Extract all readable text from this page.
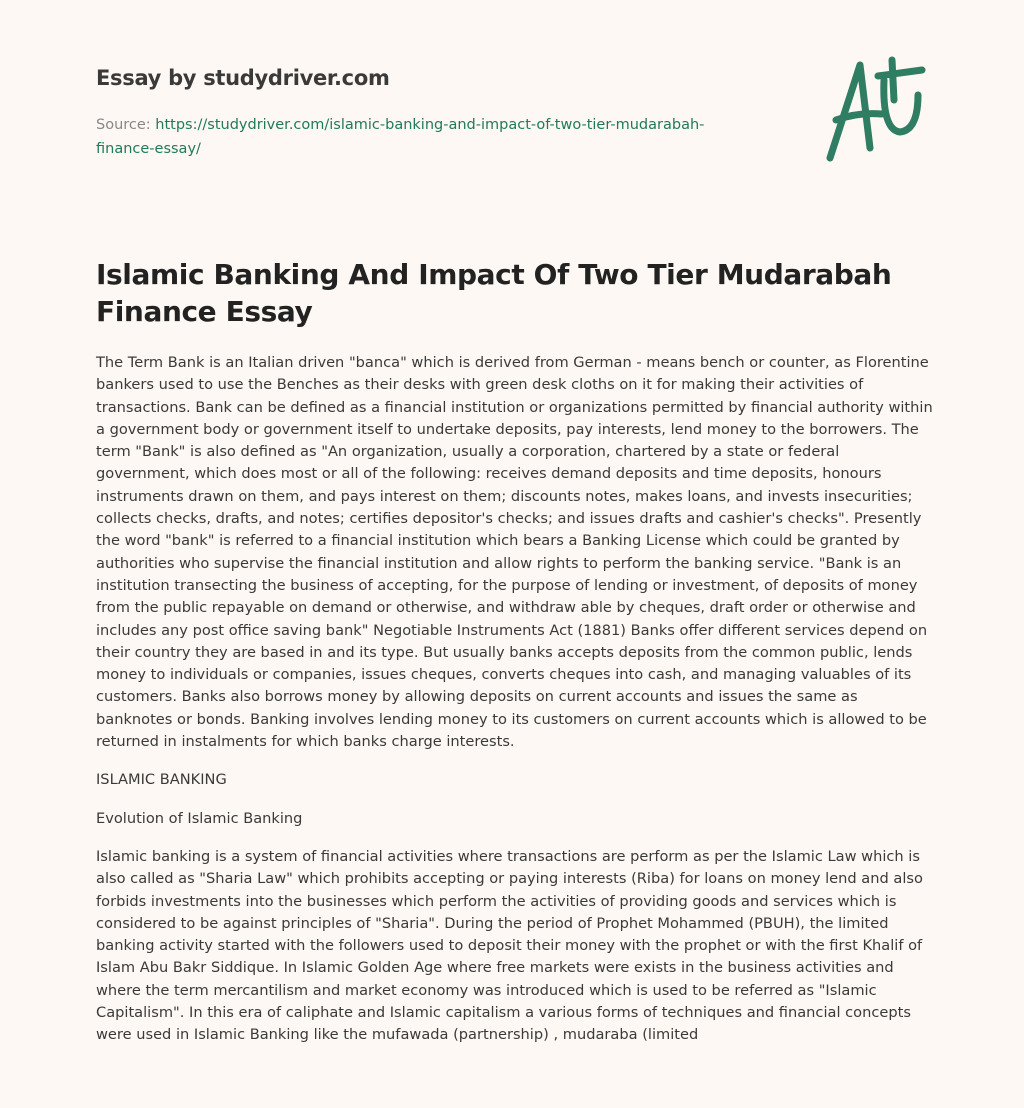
Essay by studydriver.com
Source: https://studydriver.com/islamic-banking-and-impact-of-two-tier-mudarabah-finance-essay/
Islamic Banking And Impact Of Two Tier Mudarabah Finance Essay

The Term Bank is an Italian driven "banca" which is derived from German - means bench or counter, as Florentine bankers used to use the Benches as their desks with green desk cloths on it for making their activities of transactions. Bank can be defined as a financial institution or organizations permitted by financial authority within a government body or government itself to undertake deposits, pay interests, lend money to the borrowers. The term "Bank" is also defined as "An organization, usually a corporation, chartered by a state or federal government, which does most or all of the following: receives demand deposits and time deposits, honours instruments drawn on them, and pays interest on them; discounts notes, makes loans, and invests insecurities; collects checks, drafts, and notes; certifies depositor's checks; and issues drafts and cashier's checks". Presently the word "bank" is referred to a financial institution which bears a Banking License which could be granted by authorities who supervise the financial institution and allow rights to perform the banking service. "Bank is an institution transecting the business of accepting, for the purpose of lending or investment, of deposits of money from the public repayable on demand or otherwise, and withdraw able by cheques, draft order or otherwise and includes any post office saving bank" Negotiable Instruments Act (1881) Banks offer different services depend on their country they are based in and its type. But usually banks accepts deposits from the common public, lends money to individuals or companies, issues cheques, converts cheques into cash, and managing valuables of its customers. Banks also borrows money by allowing deposits on current accounts and issues the same as banknotes or bonds. Banking involves lending money to its customers on current accounts which is allowed to be returned in instalments for which banks charge interests.

ISLAMIC BANKING

Evolution of Islamic Banking

Islamic banking is a system of financial activities where transactions are perform as per the Islamic Law which is also called as "Sharia Law" which prohibits accepting or paying interests (Riba) for loans on money lend and also forbids investments into the businesses which perform the activities of providing goods and services which is considered to be against principles of "Sharia". During the period of Prophet Mohammed (PBUH), the limited banking activity started with the followers used to deposit their money with the prophet or with the first Khalif of Islam Abu Bakr Siddique. In Islamic Golden Age where free markets were exists in the business activities and where the term mercantilism and market economy was introduced which is used to be referred as "Islamic Capitalism". In this era of caliphate and Islamic capitalism a various forms of techniques and financial concepts were used in Islamic Banking like the mufawada (partnership) , mudaraba (limited
